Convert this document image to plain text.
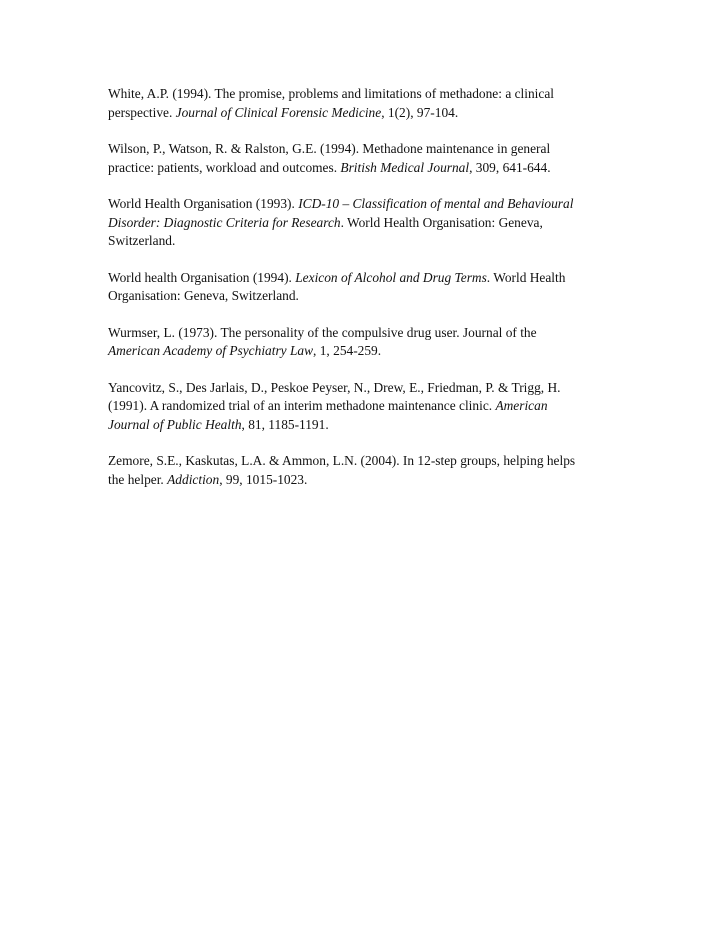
White, A.P. (1994). The promise, problems and limitations of methadone: a clinical
perspective. Journal of Clinical Forensic Medicine, 1(2), 97-104.

Wilson, P., Watson, R. & Ralston, G.E. (1994). Methadone maintenance in general
practice: patients, workload and outcomes. British Medical Journal, 309, 641-644.

World Health Organisation (1993). ICD-10 – Classification of mental and Behavioural
Disorder: Diagnostic Criteria for Research. World Health Organisation: Geneva,
Switzerland.

World health Organisation (1994). Lexicon of Alcohol and Drug Terms. World Health
Organisation: Geneva, Switzerland.

Wurmser, L. (1973). The personality of the compulsive drug user. Journal of the
American Academy of Psychiatry Law, 1, 254-259.

Yancovitz, S., Des Jarlais, D., Peskoe Peyser, N., Drew, E., Friedman, P. & Trigg, H.
(1991). A randomized trial of an interim methadone maintenance clinic. American
Journal of Public Health, 81, 1185-1191.

Zemore, S.E., Kaskutas, L.A. & Ammon, L.N. (2004). In 12-step groups, helping helps
the helper. Addiction, 99, 1015-1023.
